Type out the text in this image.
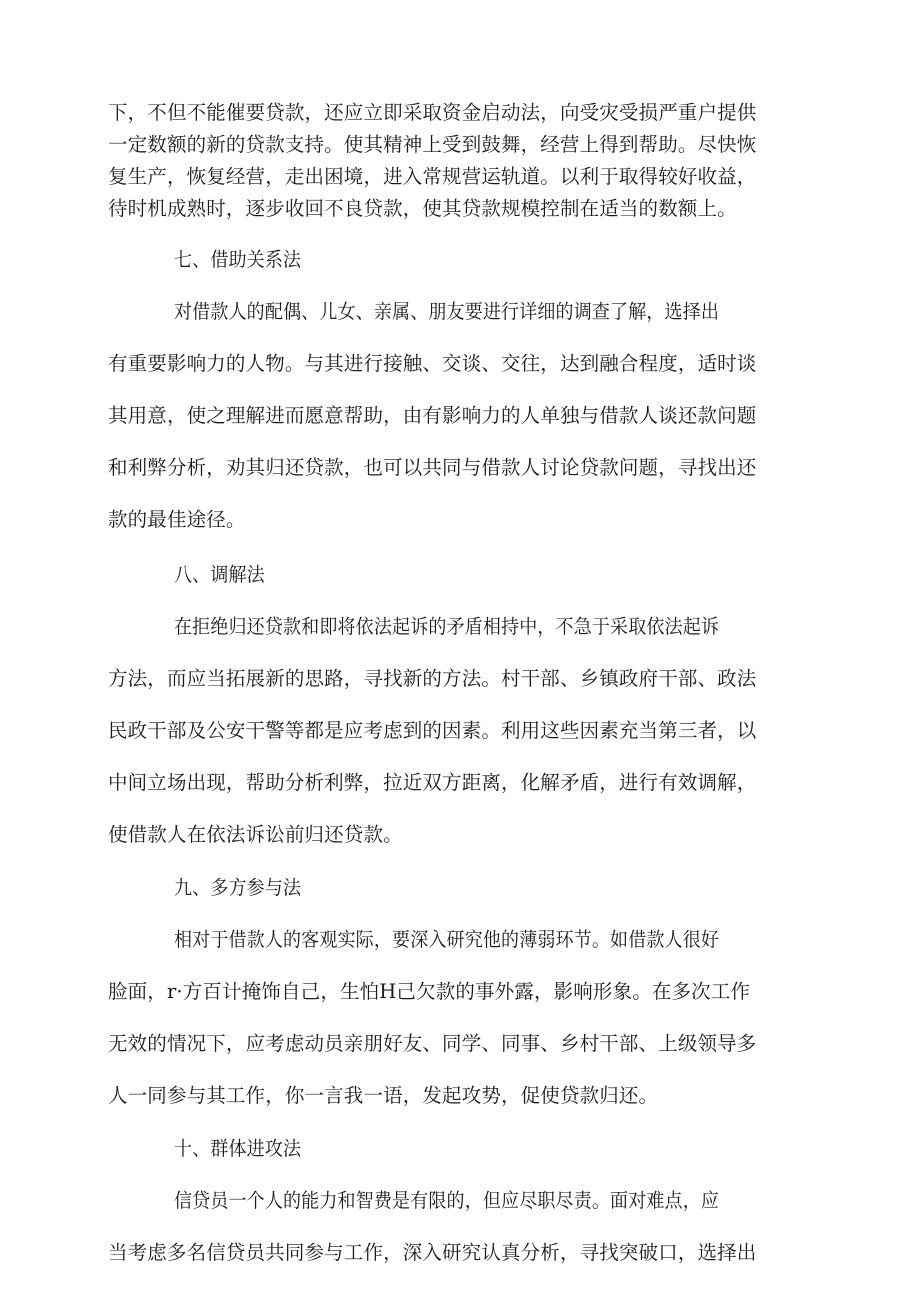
下，不但不能催要贷款，还应立即采取资金启动法，向受灾受损严重户提供
一定数额的新的贷款支持。使其精神上受到鼓舞，经营上得到帮助。尽快恢
复生产，恢复经营，走出困境，进入常规营运轨道。以利于取得较好收益，
待时机成熟时，逐步收回不良贷款，使其贷款规模控制在适当的数额上。
七、借助关系法
对借款人的配偶、儿女、亲属、朋友要进行详细的调查了解，选择出
有重要影响力的人物。与其进行接触、交谈、交往，达到融合程度，适时谈
其用意，使之理解进而愿意帮助，由有影响力的人单独与借款人谈还款问题
和利弊分析，劝其归还贷款，也可以共同与借款人讨论贷款问题，寻找出还
款的最佳途径。
八、调解法
在拒绝归还贷款和即将依法起诉的矛盾相持中，不急于采取依法起诉
方法，而应当拓展新的思路，寻找新的方法。村干部、乡镇政府干部、政法
民政干部及公安干警等都是应考虑到的因素。利用这些因素充当第三者，以
中间立场出现，帮助分析利弊，拉近双方距离，化解矛盾，进行有效调解，
使借款人在依法诉讼前归还贷款。
九、多方参与法
相对于借款人的客观实际，要深入研究他的薄弱环节。如借款人很好
脸面，r·方百计掩饰自己，生怕H己欠款的事外露，影响形象。在多次工作
无效的情况下，应考虑动员亲朋好友、同学、同事、乡村干部、上级领导多
人一同参与其工作，你一言我一语，发起攻势，促使贷款归还。
十、群体进攻法
信贷员一个人的能力和智费是有限的，但应尽职尽责。面对难点，应
当考虑多名信贷员共同参与工作，深入研究认真分析，寻找突破口，选择出
